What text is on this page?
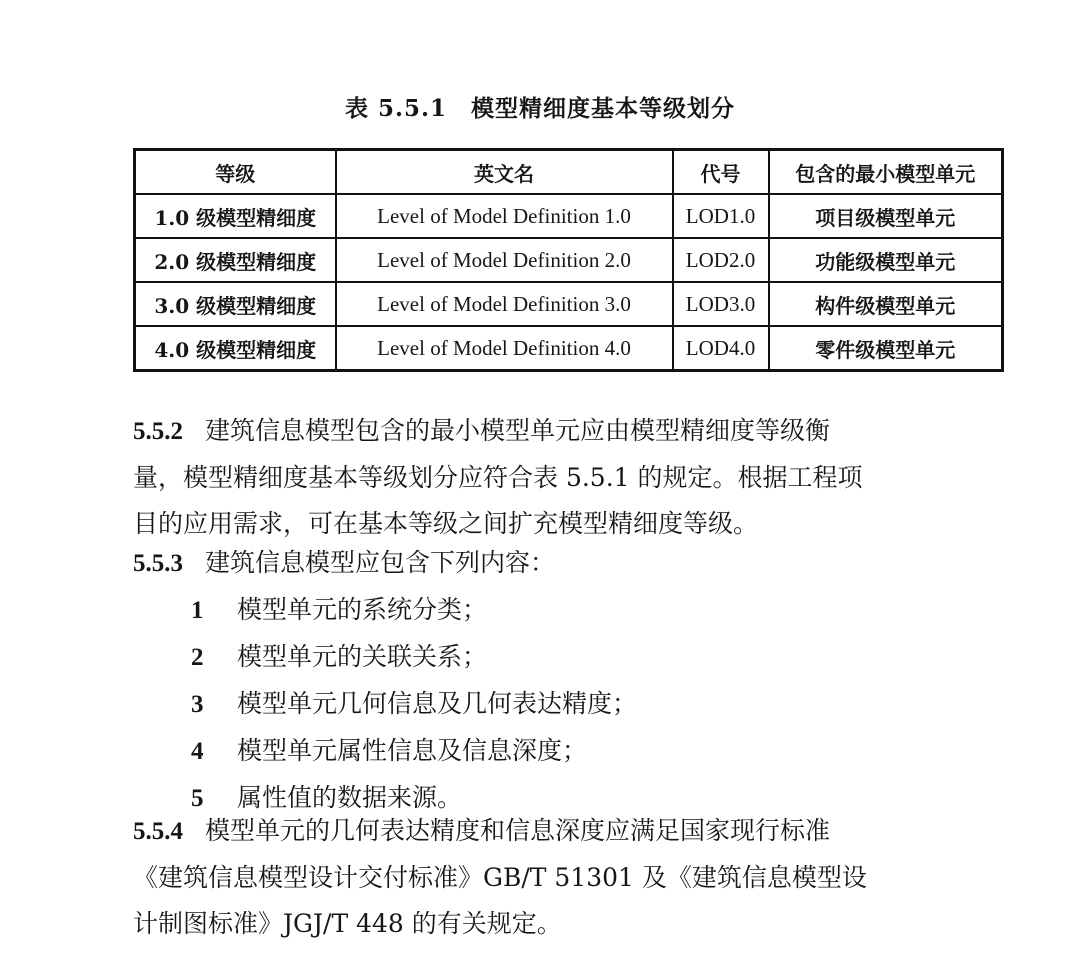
表 5.5.1 模型精细度基本等级划分
等级	英文名	代号	包含的最小模型单元
1.0 级模型精细度	Level of Model Definition 1.0	LOD1.0	项目级模型单元
2.0 级模型精细度	Level of Model Definition 2.0	LOD2.0	功能级模型单元
3.0 级模型精细度	Level of Model Definition 3.0	LOD3.0	构件级模型单元
4.0 级模型精细度	Level of Model Definition 4.0	LOD4.0	零件级模型单元

5.5.2 建筑信息模型包含的最小模型单元应由模型精细度等级衡

量，模型精细度基本等级划分应符合表 5.5.1 的规定。根据工程项

目的应用需求，可在基本等级之间扩充模型精细度等级。

5.5.3 建筑信息模型应包含下列内容：

1 模型单元的系统分类；
2 模型单元的关联关系；
3 模型单元几何信息及几何表达精度；
4 模型单元属性信息及信息深度；
5 属性值的数据来源。

5.5.4 模型单元的几何表达精度和信息深度应满足国家现行标准

《建筑信息模型设计交付标准》GB/T 51301 及《建筑信息模型设

计制图标准》JGJ/T 448 的有关规定。
